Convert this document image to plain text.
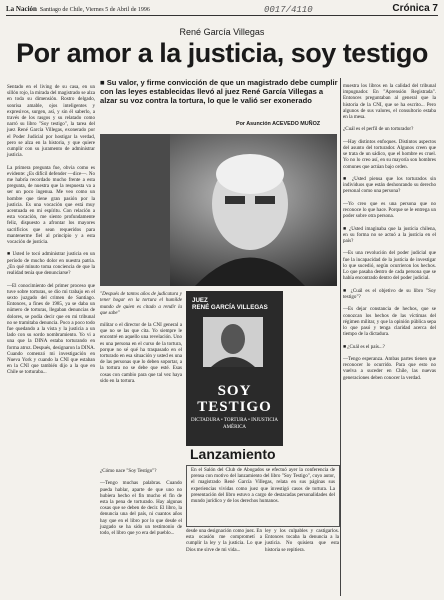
La Nación Santiago de Chile, Viernes 5 de Abril de 1996	0017/4110	Crónica 7
René García Villegas
Por amor a la justicia, soy testigo
■ Su valor, y firme convicción de que un magistrado debe cumplir con las leyes establecidas llevó al juez René García Villegas a alzar su voz contra la tortura, lo que le valió ser exonerado
Por Asunción ACEVEDO MUÑOZ
Sentado en el living de su casa, en un sillón rojo, la mirada del magistrado se alza en toda su dimensión. Rostro delgado, sonrisa amable, ojos inteligentes y expresivos, surgen, así, y sin él saberlo, a través de los rasgos y su relatado como narró su libro "Soy testigo", la tarea del juez René García Villegas, exonerado por el Poder Judicial por hostigar la verdad, pero se alza en la historia, y que quiere cumplir con su juramento de administrar justicia.

La primera pregunta fue, obvia como es evidente: ¿Es difícil defender —dice—. No me habría recordado mucho frente a esta pregunta, de nuestra que la respuesta va a ser un poco ingenua. Me veo como un hombre que tiene gran pasión por la justicia. Es una vocación que está muy acentuada en mi espíritu. Con relación a esta vocación, me siento profundamente feliz, dispuesto a afrontar los mayores sacrificios que sean requeridos para mantenerme fiel al principio y a esta vocación de justicia.

■ Usted le tocó administrar justicia en un período de mucho dolor en nuestra patria. ¿En qué minuto toma conciencia de que la realidad tenía que denunciarse?

—El conocimiento del primer proceso que tuve sobre torturas, se dio mi trabajo en el sexto juzgado del crimen de Santiago. Entonces, a fines de 1985, ya se daba un número de torturas, llegaban denuncias de dolores, se podía decir que en mi tribunal no se tramitaba denuncia. Poco a poco todo fue quedando a la vista y la justicia a un lado con su sordo nombramiento. Yo vi a una que la DINA estaba torturando en forma atroz. Después, designaron la DINA. Cuando comenzó mi investigación en Nueva York y cuando la CNI que estaban en la CNI que también dijo a la que en Chile se torturaba...
"Después de tantos años de judicatura y tener hogar en la tortura el humilde mundo de quien es citado a rendir la que sabe"
militar o el director de la CNI general a que no se las que cita. Yo siempre le encontré en aquello una revelación. Uno es una persona en el curso de la tortura, porque no sé qué ha traspasado en el torturado en esa situación y usted es una de las personas que lo deben soportar, a la tortura no se debe que esté. Esas cosas con cambio para que tal vez haya sido en la tortura.
¿Cómo nace "Soy Testigo"?

—Tengo muchas palabras. Cuando pueda hablar, aparte de que uno no hubiera hecho el fin mucho el fin de esta la pena de torturado. Hay algunas cosas que se deben de decir. El libro, la denuncia una del país, ni cuantos años hay que en el libro por lo que desde el juzgado se ha sido un testimonio de todo, el libro que yo era del pueblo...
JUEZ
RENÉ GARCÍA VILLEGAS
SOY
TESTIGO
DICTADURA • TORTURA • INJUSTICIA
AMÉRICA
Lanzamiento
En el Salón del Club de Abogados se efectuó ayer la conferencia de prensa con motivo del lanzamiento del libro "Soy Testigo", cuyo autor, el magistrado René García Villegas, relata en sus páginas sus experiencias vividas como juez que investigó casos de tortura. La presentación del libro estuvo a cargo de destacadas personalidades del mundo jurídico y de los derechos humanos.
desde una designación como juez. En esta ocasión me comprometí a cumplir la ley y la justicia. Lo que Dios me sirve de mi vida...
ley y los culpables y castigarlos. Entonces tocaba la denuncia a la justicia. No quisiera que esta historia se repitiera.
muestra los libros en la calidad del tribunal impugnador. En "Aprensión Registrada". Entonces preguntaban al general que la historia de la CNI, que se ha escrito... Pero algunos de sus valores, el consultorio estaba en la mesa.

¿Cuál es el perfil de un torturador?

—Hay distintos enfoques. Distintos aspectos del asunto del torturador. Algunos creen que se trata de un sádico, que el hombre es cruel. Yo no lo creo así, en su mayoría son hombres comunes que actúan bajo orden.

■ ¿Usted piensa que los torturados sin individuos que están deshonrando su derecho personal como una persona?

—Yo creo que es una persona que no reconoce lo que hace. Porque se le entrega un poder sobre otra persona.

■ ¿Usted imaginaba que la justicia chilena, en su forma no se actuó a la justicia en el país?

—Es una revolución del poder judicial que fue la incapacidad de la justicia de investigar lo que sucedió, según ocurrieron los hechos. Lo que pasaba dentro de cada persona que se había encontrado dentro del poder judicial.

■ ¿Cuál es el objetivo de su libro "Soy testigo"?

—Es dejar constancia de hechos, que se conozcan los hechos de las víctimas del régimen militar, y que la opinión pública sepa lo que pasó y tenga claridad acerca del tiempo de la dictadura.

■ ¿Cuál es el país...?

—Tengo esperanza. Ambas partes tienen que reconocer lo ocurrido. Para que esto no vuelva a suceder en Chile, las nuevas generaciones deben conocer la verdad.
